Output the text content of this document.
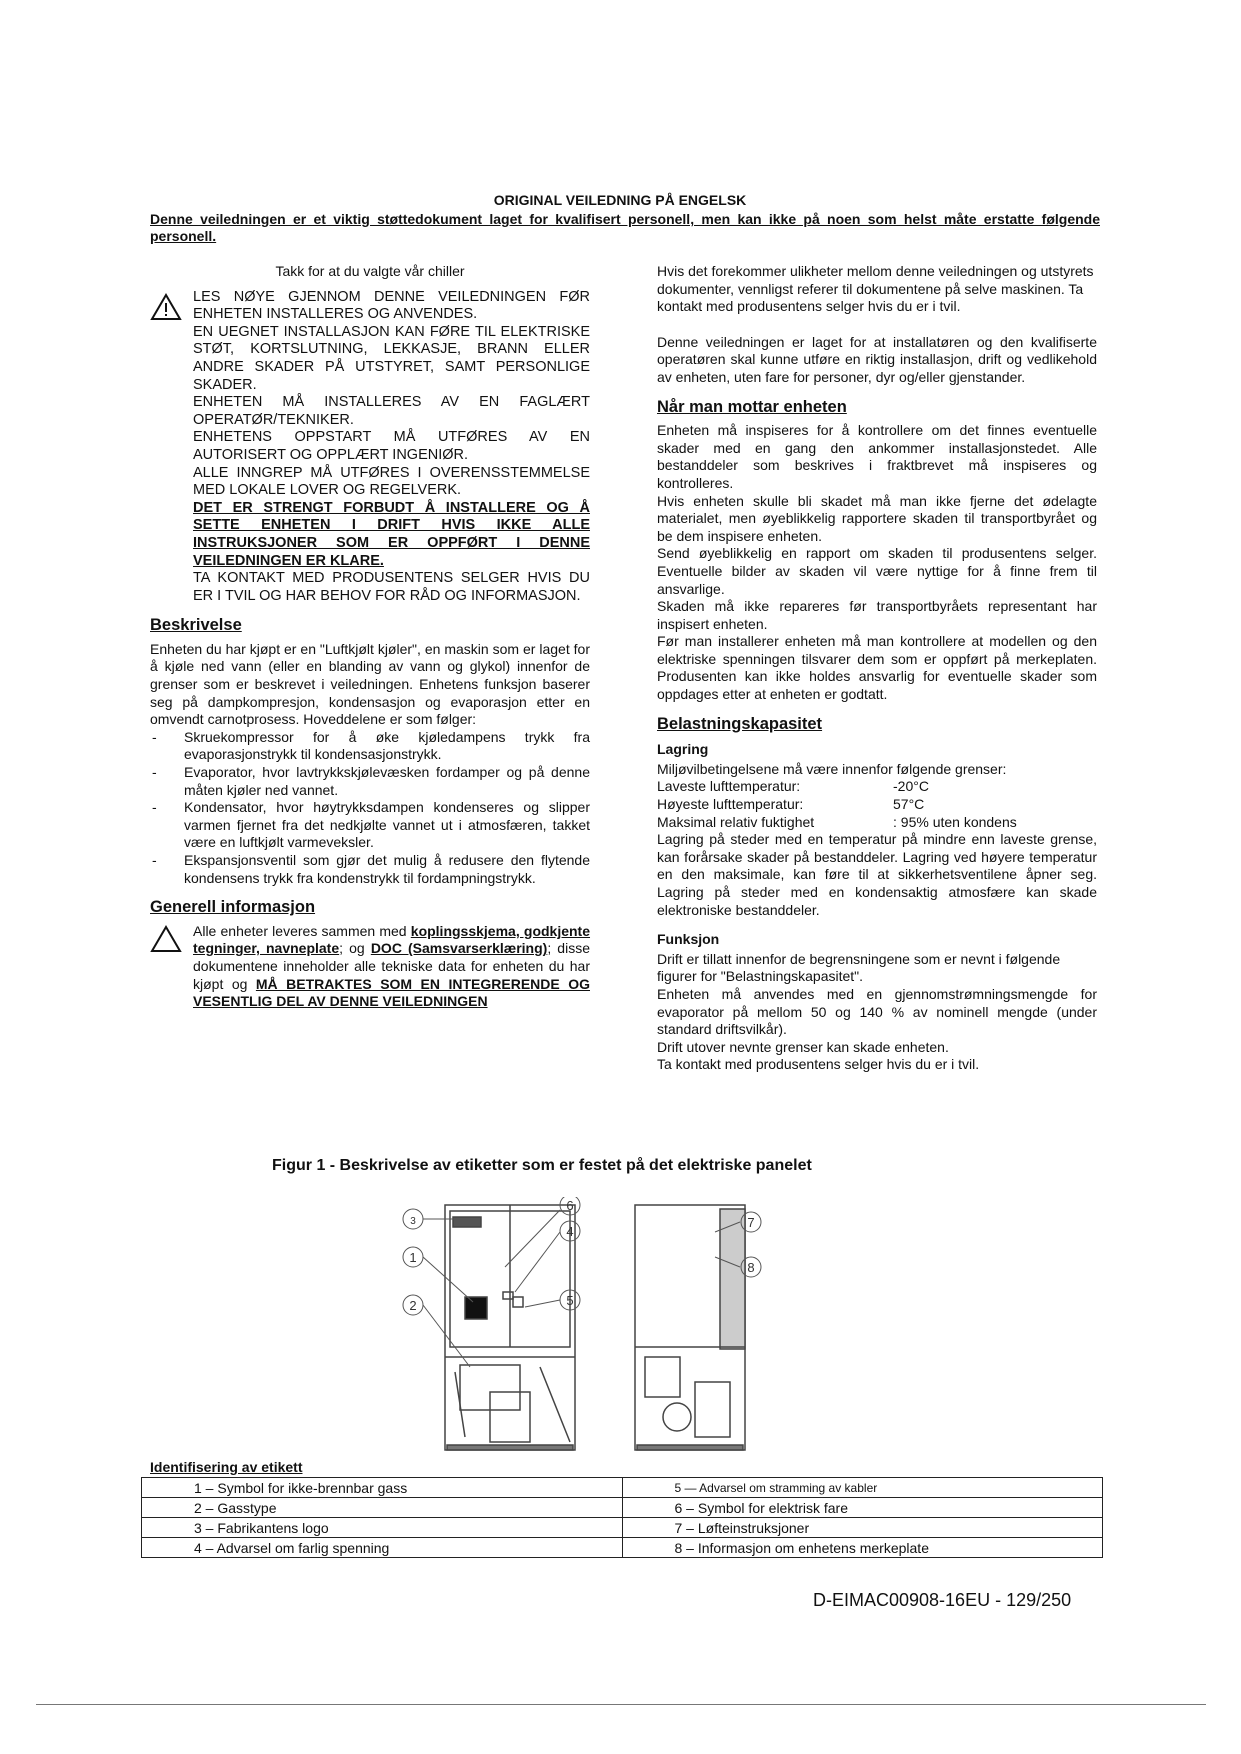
ORIGINAL VEILEDNING PÅ ENGELSK
Denne veiledningen er et viktig støttedokument laget for kvalifisert personell, men kan ikke på noen som helst måte erstatte følgende personell.

Takk for at du valgte vår chiller

LES NØYE GJENNOM DENNE VEILEDNINGEN FØR ENHETEN INSTALLERES OG ANVENDES.

EN UEGNET INSTALLASJON KAN FØRE TIL ELEKTRISKE STØT, KORTSLUTNING, LEKKASJE, BRANN ELLER ANDRE SKADER PÅ UTSTYRET, SAMT PERSONLIGE SKADER.

ENHETEN MÅ INSTALLERES AV EN FAGLÆRT OPERATØR/TEKNIKER.

ENHETENS OPPSTART MÅ UTFØRES AV EN AUTORISERT OG OPPLÆRT INGENIØR.

ALLE INNGREP MÅ UTFØRES I OVERENSSTEMMELSE MED LOKALE LOVER OG REGELVERK.

DET ER STRENGT FORBUDT Å INSTALLERE OG Å SETTE ENHETEN I DRIFT HVIS IKKE ALLE INSTRUKSJONER SOM ER OPPFØRT I DENNE VEILEDNINGEN ER KLARE.

TA KONTAKT MED PRODUSENTENS SELGER HVIS DU ER I TVIL OG HAR BEHOV FOR RÅD OG INFORMASJON.

Beskrivelse

Enheten du har kjøpt er en "Luftkjølt kjøler", en maskin som er laget for å kjøle ned vann (eller en blanding av vann og glykol) innenfor de grenser som er beskrevet i veiledningen. Enhetens funksjon baserer seg på dampkompresjon, kondensasjon og evaporasjon etter en omvendt carnotprosess. Hoveddelene er som følger:

- Skruekompressor for å øke kjøledampens trykk fra evaporasjonstrykk til kondensasjonstrykk.
- Evaporator, hvor lavtrykkskjølevæsken fordamper og på denne måten kjøler ned vannet.
- Kondensator, hvor høytrykksdampen kondenseres og slipper varmen fjernet fra det nedkjølte vannet ut i atmosfæren, takket være en luftkjølt varmeveksler.
- Ekspansjonsventil som gjør det mulig å redusere den flytende kondensens trykk fra kondenstrykk til fordampningstrykk.
Generell informasjon

Alle enheter leveres sammen med koplingsskjema, godkjente tegninger, navneplate; og DOC (Samsvarserklæring); disse dokumentene inneholder alle tekniske data for enheten du har kjøpt og MÅ BETRAKTES SOM EN INTEGRERENDE OG VESENTLIG DEL AV DENNE VEILEDNINGEN

Hvis det forekommer ulikheter mellom denne veiledningen og utstyrets dokumenter, vennligst referer til dokumentene på selve maskinen. Ta kontakt med produsentens selger hvis du er i tvil.

Denne veiledningen er laget for at installatøren og den kvalifiserte operatøren skal kunne utføre en riktig installasjon, drift og vedlikehold av enheten, uten fare for personer, dyr og/eller gjenstander.

Når man mottar enheten

Enheten må inspiseres for å kontrollere om det finnes eventuelle skader med en gang den ankommer installasjonstedet. Alle bestanddeler som beskrives i fraktbrevet må inspiseres og kontrolleres.

Hvis enheten skulle bli skadet må man ikke fjerne det ødelagte materialet, men øyeblikkelig rapportere skaden til transportbyrået og be dem inspisere enheten.

Send øyeblikkelig en rapport om skaden til produsentens selger. Eventuelle bilder av skaden vil være nyttige for å finne frem til ansvarlige.

Skaden må ikke repareres før transportbyråets representant har inspisert enheten.

Før man installerer enheten må man kontrollere at modellen og den elektriske spenningen tilsvarer dem som er oppført på merkeplaten. Produsenten kan ikke holdes ansvarlig for eventuelle skader som oppdages etter at enheten er godtatt.

Belastningskapasitet
Lagring

Miljøvilbetingelsene må være innenfor følgende grenser:

Laveste lufttemperatur:	-20°C
Høyeste lufttemperatur:	57°C
Maksimal relativ fuktighet	: 95% uten kondens

Lagring på steder med en temperatur på mindre enn laveste grense, kan forårsake skader på bestanddeler. Lagring ved høyere temperatur en den maksimale, kan føre til at sikkerhetsventilene åpner seg. Lagring på steder med en kondensaktig atmosfære kan skade elektroniske bestanddeler.

Funksjon

Drift er tillatt innenfor de begrensningene som er nevnt i følgende figurer for "Belastningskapasitet".

Enheten må anvendes med en gjennomstrømningsmengde for evaporator på mellom 50 og 140 % av nominell mengde (under standard driftsvilkår).

Drift utover nevnte grenser kan skade enheten.

Ta kontakt med produsentens selger hvis du er i tvil.

Figur 1 - Beskrivelse av etiketter som er festet på det elektriske panelet
3
1
2
6
4
5
7
8
Identifisering av etikett
1 – Symbol for ikke-brennbar gass	5 — Advarsel om stramming av kabler
2 – Gasstype	6 – Symbol for elektrisk fare
3 – Fabrikantens logo	7 – Løfteinstruksjoner
4 – Advarsel om farlig spenning	8 – Informasjon om enhetens merkeplate
D-EIMAC00908-16EU - 129/250
